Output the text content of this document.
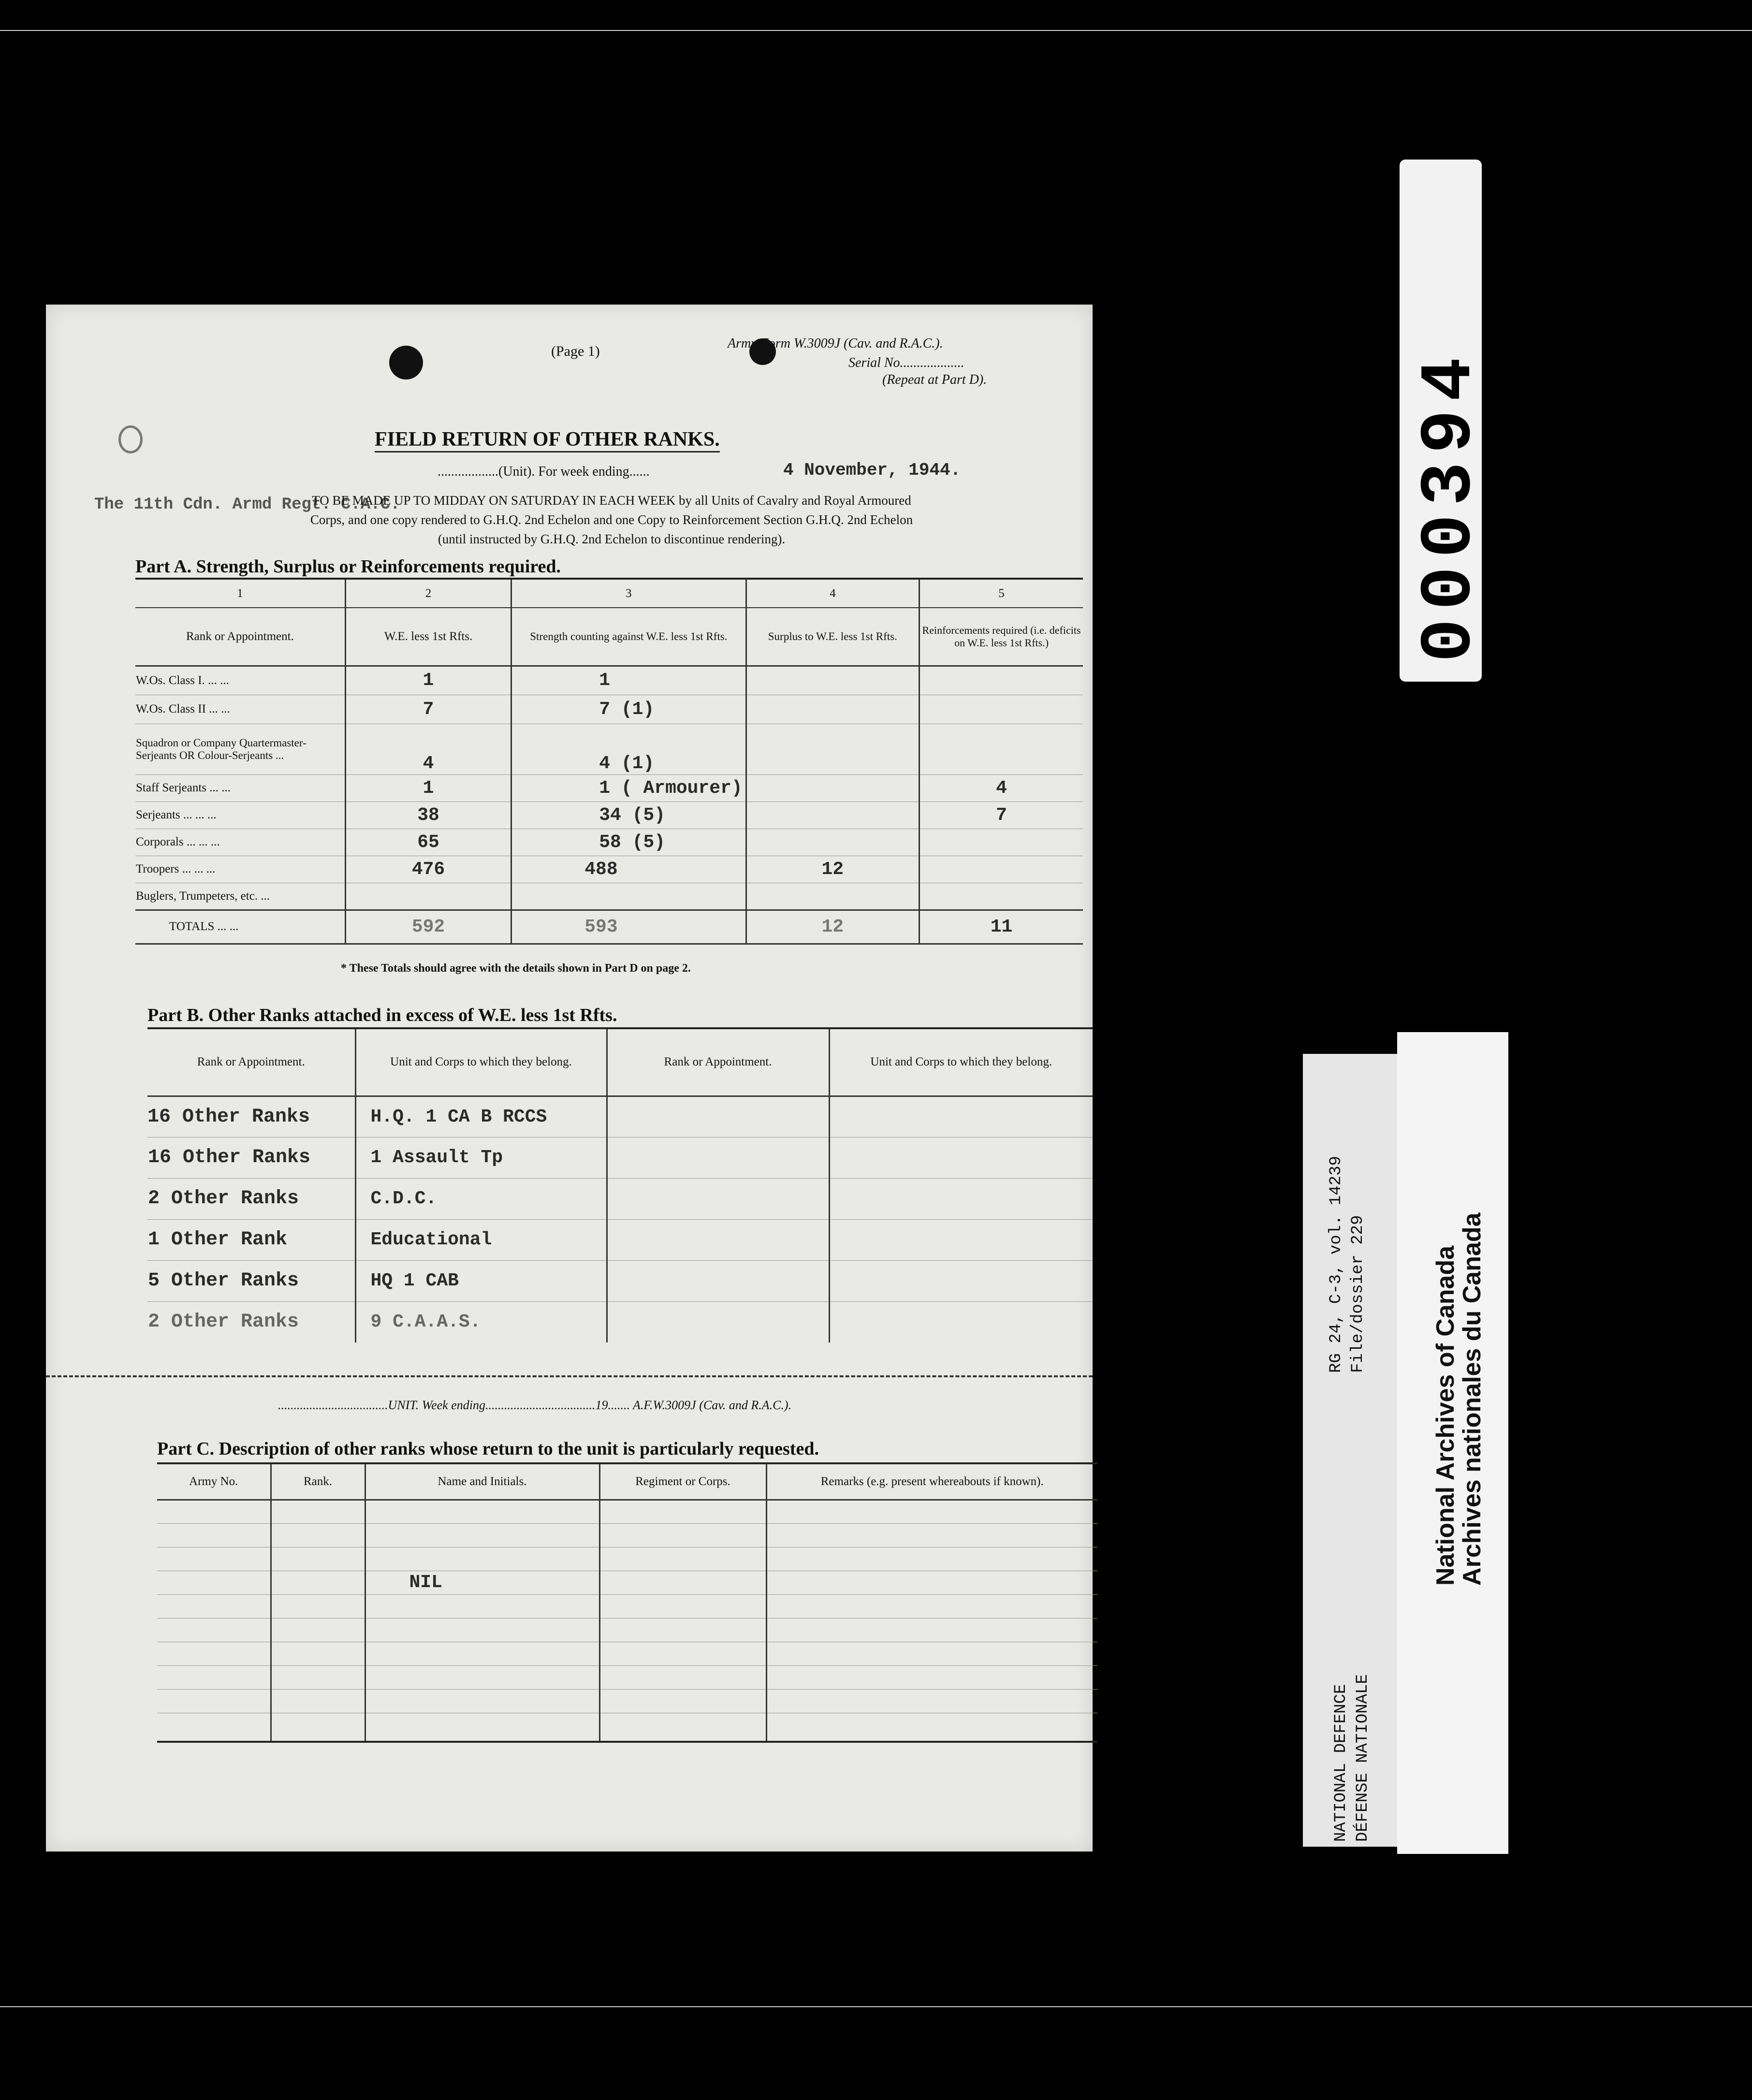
(Page 1)	Army Form W.3009J (Cav. and R.A.C.).
Serial No...................
(Repeat at Part D).
FIELD RETURN OF OTHER RANKS.
The 11th Cdn. Armd Regt. C.A.C.
..................(Unit). For week ending......	4 November, 1944.
TO BE MADE UP TO MIDDAY ON SATURDAY IN EACH WEEK by all Units of Cavalry and Royal Armoured
Corps, and one copy rendered to G.H.Q. 2nd Echelon and one Copy to Reinforcement Section G.H.Q. 2nd Echelon
(until instructed by G.H.Q. 2nd Echelon to discontinue rendering).
Part A. Strength, Surplus or Reinforcements required.
1	2	3	4	5
Rank or Appointment.	W.E. less 1st Rfts.	Strength counting against W.E. less 1st Rfts.	Surplus to W.E. less 1st Rfts.	Reinforcements required (i.e. deficits on W.E. less 1st Rfts.)
W.Os. Class I. ... ...	1	1		
W.Os. Class II ... ...	7	7 (1)		
Squadron or Company Quartermaster-Serjeants OR Colour-Serjeants ...	4	4 (1)		
Staff Serjeants ... ...	1	1 ( Armourer)		4
Serjeants ... ... ...	38	34 (5)		7
Corporals ... ... ...	65	58 (5)		
Troopers ... ... ...	476	488	12	
Buglers, Trumpeters, etc. ...				
TOTALS ... ...	592	593	12	11
* These Totals should agree with the details shown in Part D on page 2.
Part B. Other Ranks attached in excess of W.E. less 1st Rfts.
Rank or Appointment.	Unit and Corps to which they belong.	Rank or Appointment.	Unit and Corps to which they belong.
16 Other Ranks	H.Q. 1 CA B RCCS		
16 Other Ranks	1 Assault Tp		
2 Other Ranks	C.D.C.		
1 Other Rank	Educational		
5 Other Ranks	HQ 1 CAB		
2 Other Ranks	9 C.A.A.S.		
...................................UNIT. Week ending...................................19....... A.F.W.3009J (Cav. and R.A.C.).
Part C. Description of other ranks whose return to the unit is particularly requested.
Army No.	Rank.	Name and Initials.	Regiment or Corps.	Remarks (e.g. present whereabouts if known).

		NIL		

000394
RG 24, C-3, vol. 14239 File/dossier 229
NATIONAL DEFENCE DÉFENSE NATIONALE
National Archives of Canada
Archives nationales du Canada
